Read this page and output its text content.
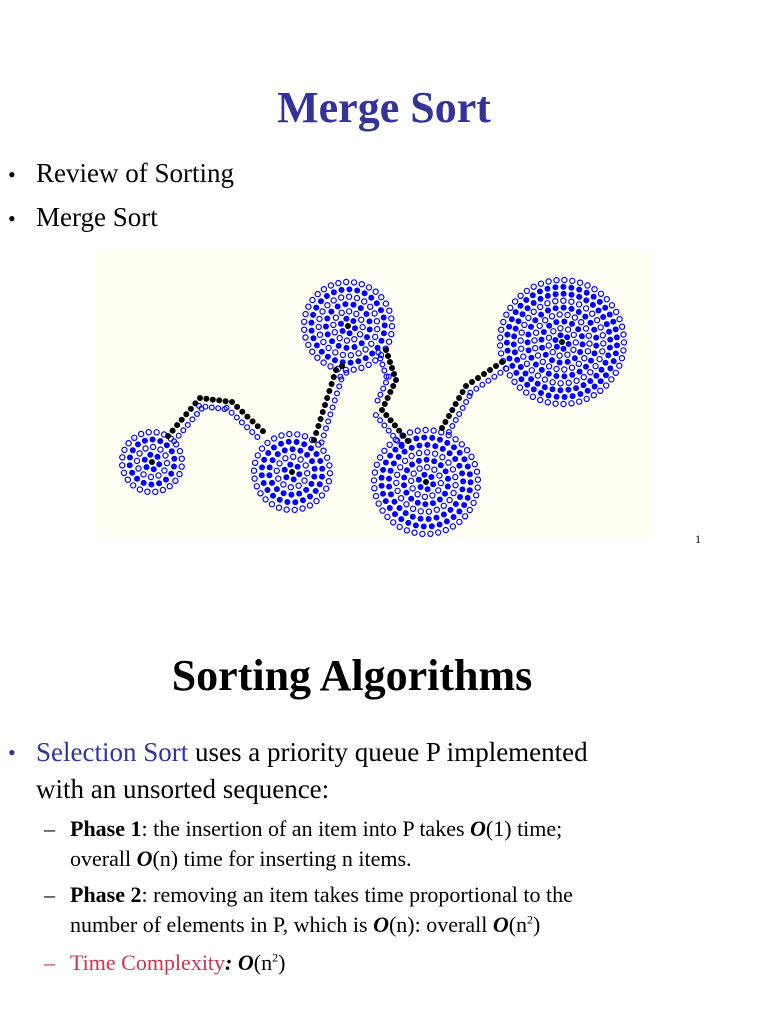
Merge Sort
• Review of Sorting
• Merge Sort
1
Sorting Algorithms
• Selection Sort uses a priority queue P implemented
with an unsorted sequence:
– Phase 1: the insertion of an item into P takes O(1) time;
overall O(n) time for inserting n items.
– Phase 2: removing an item takes time proportional to the
number of elements in P, which is O(n): overall $O(n^2)$
– Time Complexity: $O(n^2)$
